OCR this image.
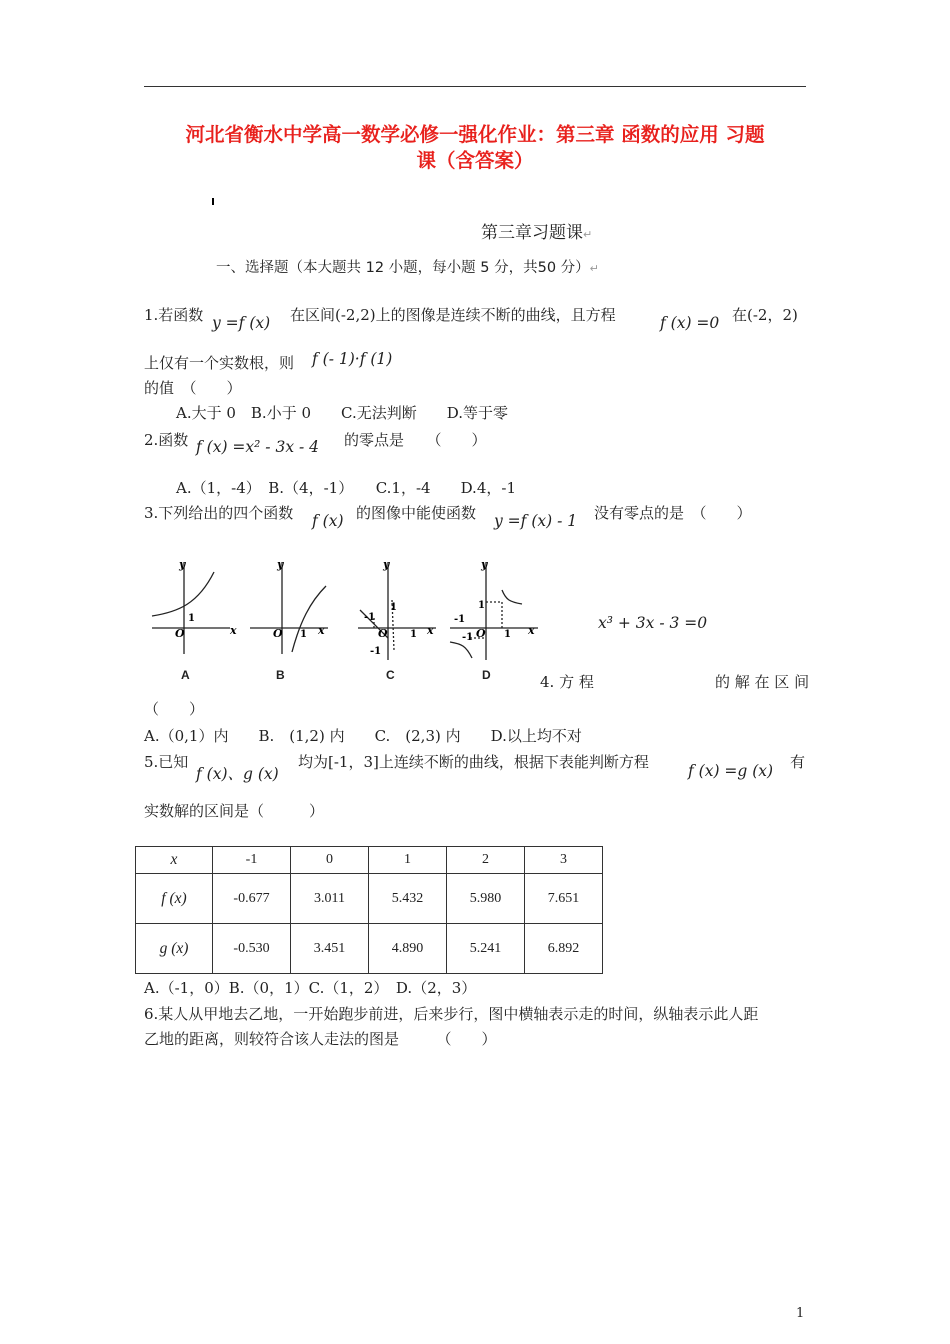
河北省衡水中学高一数学必修一强化作业：第三章 函数的应用 习题
课（含答案）
第三章习题课↵
一、选择题（本大题共 12 小题，每小题 5 分，共50 分）↵
1.若函数 y =f (x) 在区间(-2,2)上的图像是连续不断的曲线，且方程	f (x) =0 在(-2，2)
上仅有一个实数根，则 f (- 1)·f (1)
的值　（　　）
A.大于 0　B.小于 0　　C.无法判断　　D.等于零
2.函数 f (x) =x² - 3x - 4 的零点是　　（　　）
A.（1，-4）　B.（4，-1）　　C.1，-4　　D.4，-1
3.下列给出的四个函数 f (x) 的图像中能使函数 y =f (x) - 1 没有零点的是　（　　）
y
x
O
1
y
x
O 1
y
x
O
1
-1
1
-1
y
x
O
1
-1
1
-1
A	B	C	D
x³ + 3x - 3 =0
4. 方 程	的 解 在 区 间
（　　）
A.（0,1）内　　B.　(1,2) 内　　C.　(2,3) 内　　D.以上均不对
5.已知
f (x)、g (x)
均为[-1，3]上连续不断的曲线，根据下表能判断方程	f (x) =g (x) 有
实数解的区间是（　　　）
x	-1	0	1	2	3
f (x)	-0.677	3.011	5.432	5.980	7.651
g (x)	-0.530	3.451	4.890	5.241	6.892
A.（-1，0）B.（0，1）C.（1，2）　D.（2，3）
6.某人从甲地去乙地，一开始跑步前进，后来步行，图中横轴表示走的时间，纵轴表示此人距
乙地的距离，则较符合该人走法的图是　　　（　　）
1
